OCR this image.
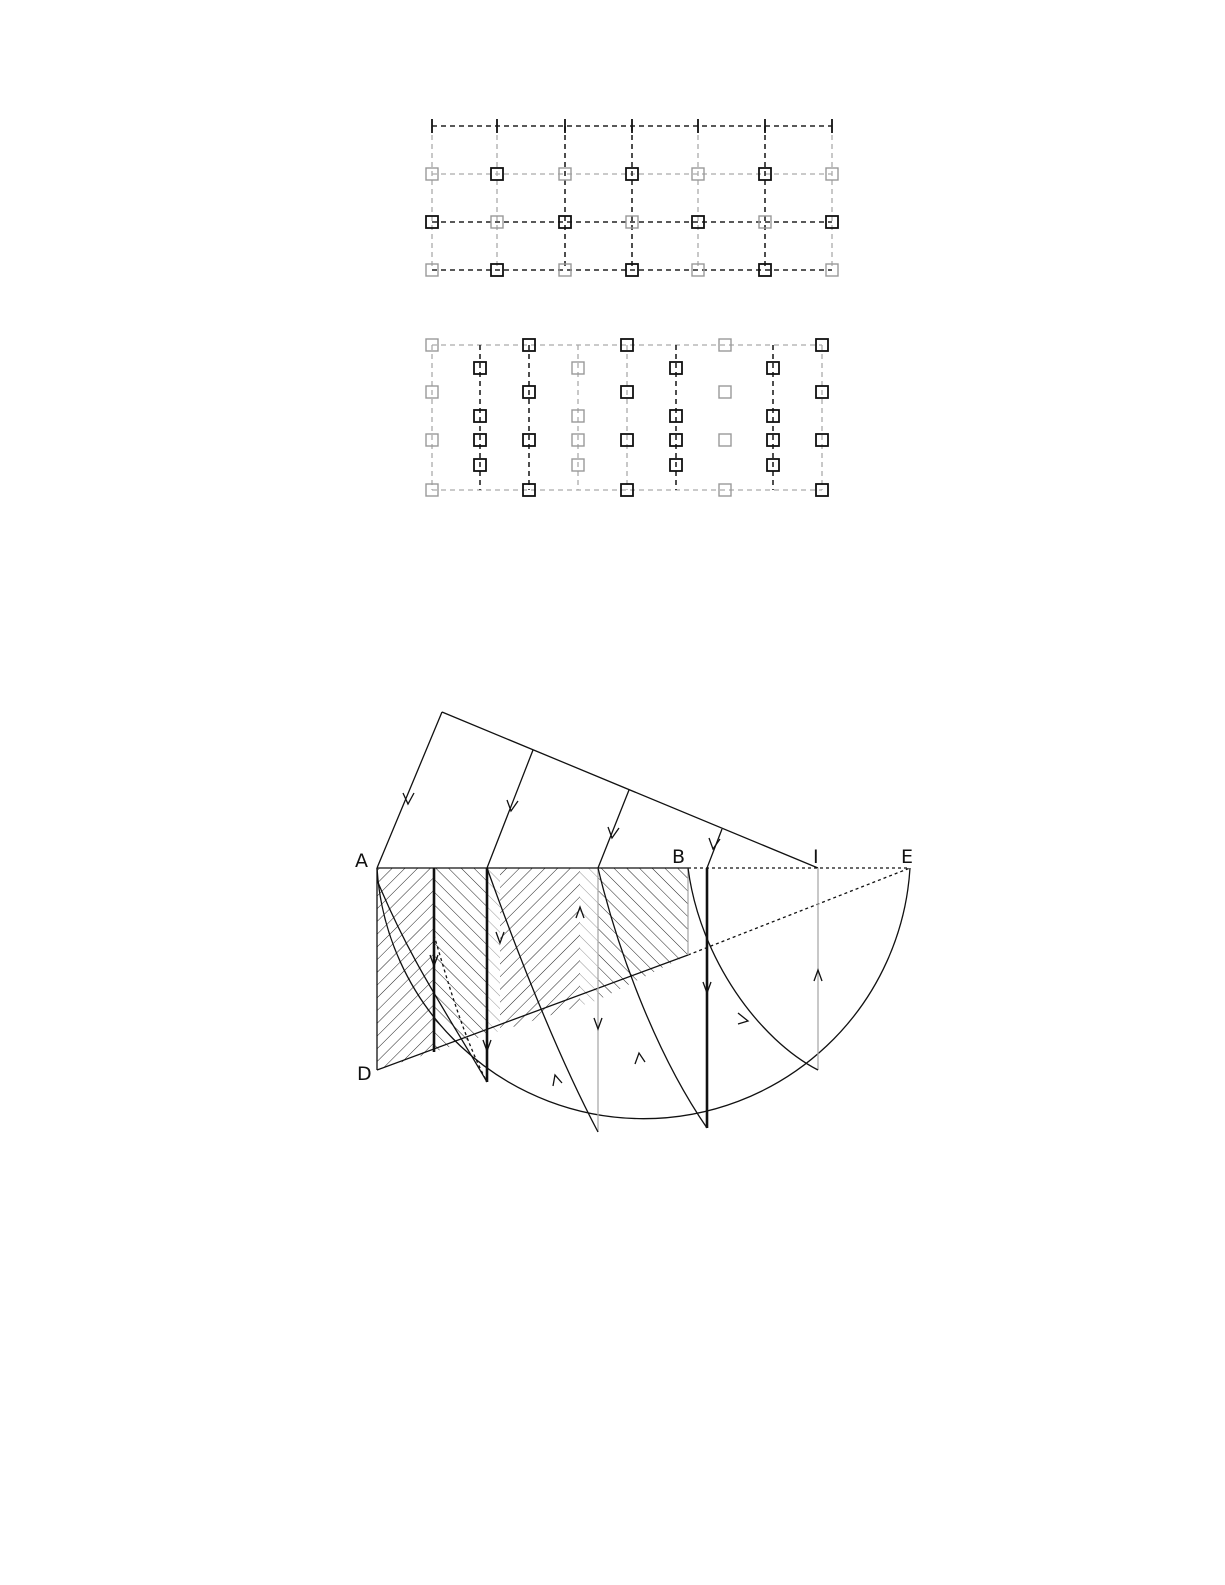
A	B	I	E
D
